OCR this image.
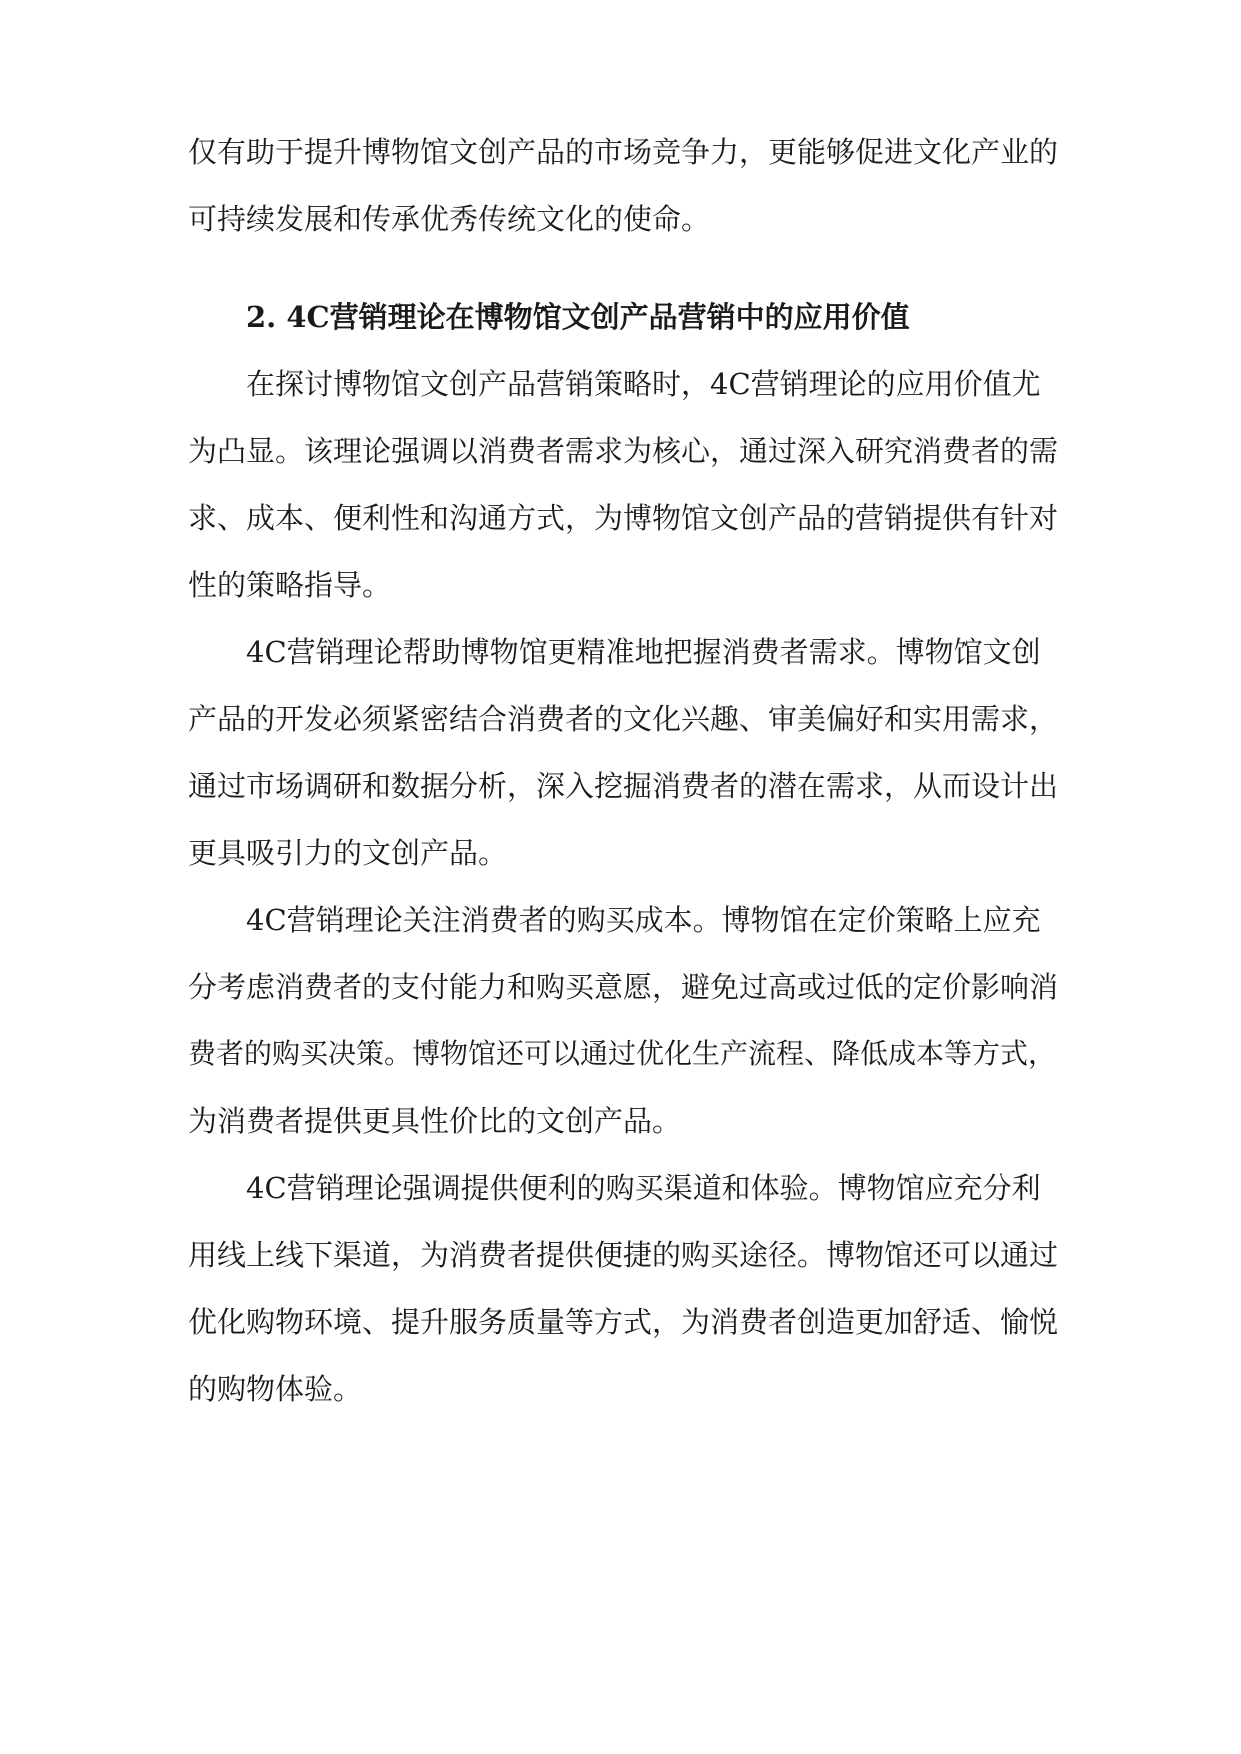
仅有助于提升博物馆文创产品的市场竞争力，更能够促进文化产业的
可持续发展和传承优秀传统文化的使命。
2. 4C营销理论在博物馆文创产品营销中的应用价值
在探讨博物馆文创产品营销策略时，4C营销理论的应用价值尤
为凸显。该理论强调以消费者需求为核心，通过深入研究消费者的需
求、成本、便利性和沟通方式，为博物馆文创产品的营销提供有针对
性的策略指导。
4C营销理论帮助博物馆更精准地把握消费者需求。博物馆文创
产品的开发必须紧密结合消费者的文化兴趣、审美偏好和实用需求，
通过市场调研和数据分析，深入挖掘消费者的潜在需求，从而设计出
更具吸引力的文创产品。
4C营销理论关注消费者的购买成本。博物馆在定价策略上应充
分考虑消费者的支付能力和购买意愿，避免过高或过低的定价影响消
费者的购买决策。博物馆还可以通过优化生产流程、降低成本等方式，
为消费者提供更具性价比的文创产品。
4C营销理论强调提供便利的购买渠道和体验。博物馆应充分利
用线上线下渠道，为消费者提供便捷的购买途径。博物馆还可以通过
优化购物环境、提升服务质量等方式，为消费者创造更加舒适、愉悦
的购物体验。
